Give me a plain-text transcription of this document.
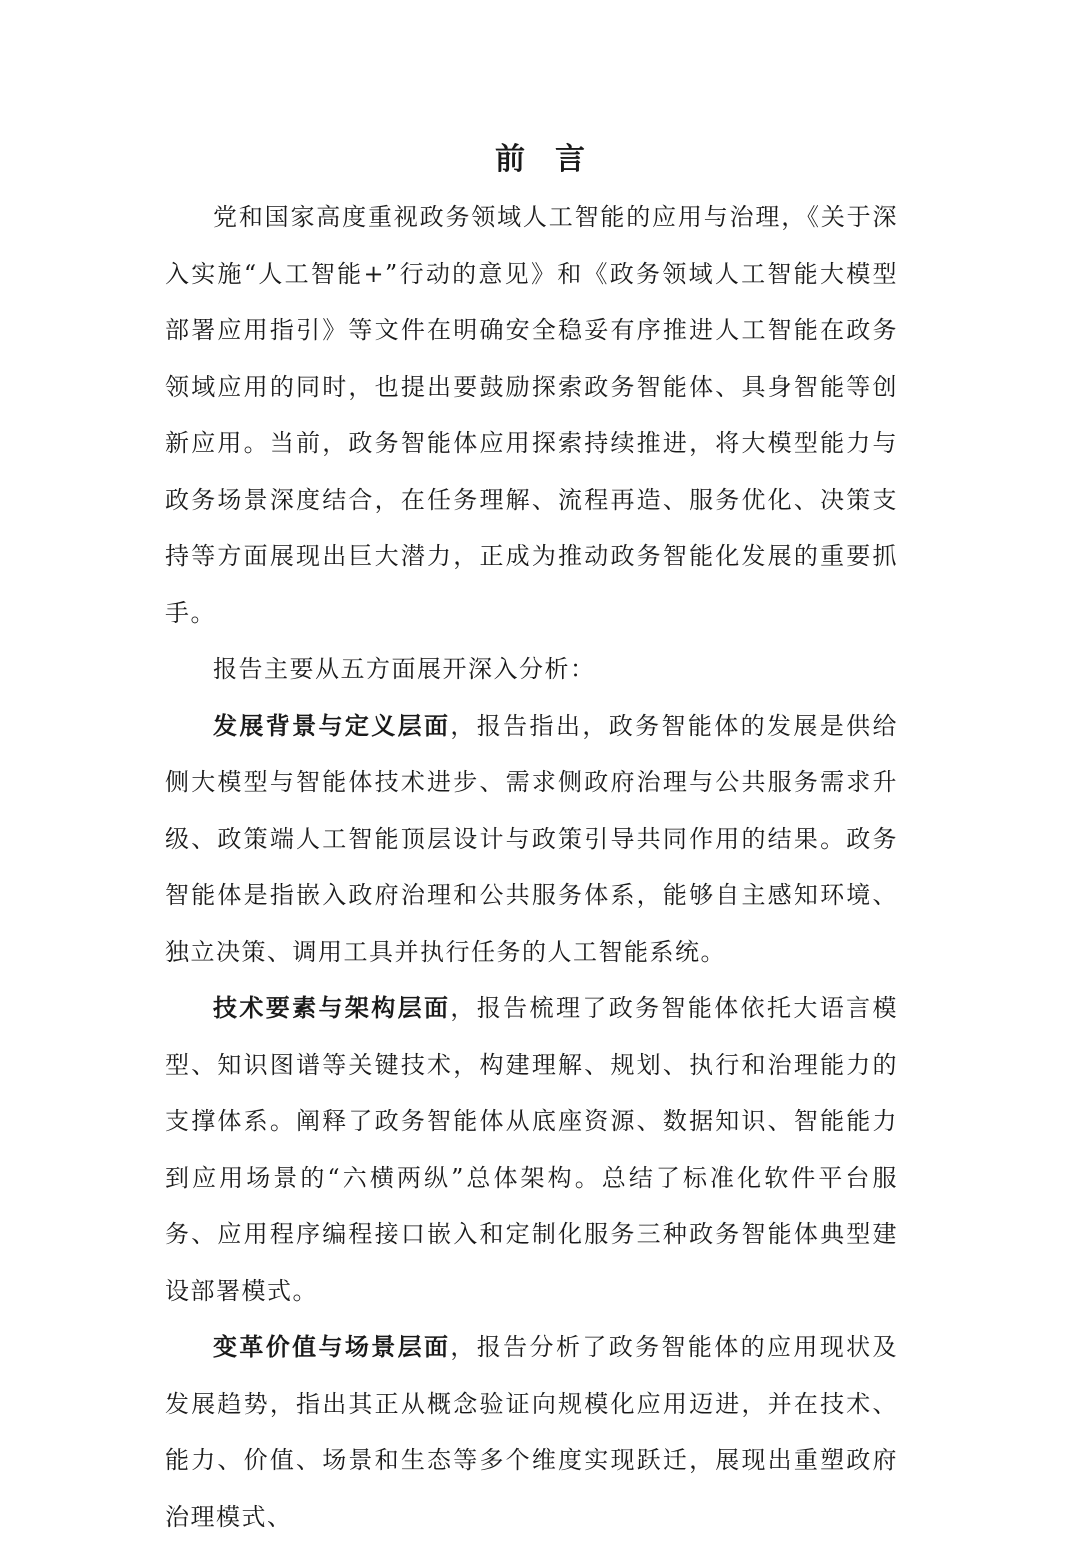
前言

党和国家高度重视政务领域人工智能的应用与治理，《关于深入实施“人工智能+”行动的意见》和《政务领域人工智能大模型部署应用指引》等文件在明确安全稳妥有序推进人工智能在政务领域应用的同时，也提出要鼓励探索政务智能体、具身智能等创新应用。当前，政务智能体应用探索持续推进，将大模型能力与政务场景深度结合，在任务理解、流程再造、服务优化、决策支持等方面展现出巨大潜力，正成为推动政务智能化发展的重要抓手。

报告主要从五方面展开深入分析：

发展背景与定义层面，报告指出，政务智能体的发展是供给侧大模型与智能体技术进步、需求侧政府治理与公共服务需求升级、政策端人工智能顶层设计与政策引导共同作用的结果。政务智能体是指嵌入政府治理和公共服务体系，能够自主感知环境、独立决策、调用工具并执行任务的人工智能系统。

技术要素与架构层面，报告梳理了政务智能体依托大语言模型、知识图谱等关键技术，构建理解、规划、执行和治理能力的支撑体系。阐释了政务智能体从底座资源、数据知识、智能能力到应用场景的“六横两纵”总体架构。总结了标准化软件平台服务、应用程序编程接口嵌入和定制化服务三种政务智能体典型建设部署模式。

变革价值与场景层面，报告分析了政务智能体的应用现状及发展趋势，指出其正从概念验证向规模化应用迈进，并在技术、能力、价值、场景和生态等多个维度实现跃迁，展现出重塑政府治理模式、
